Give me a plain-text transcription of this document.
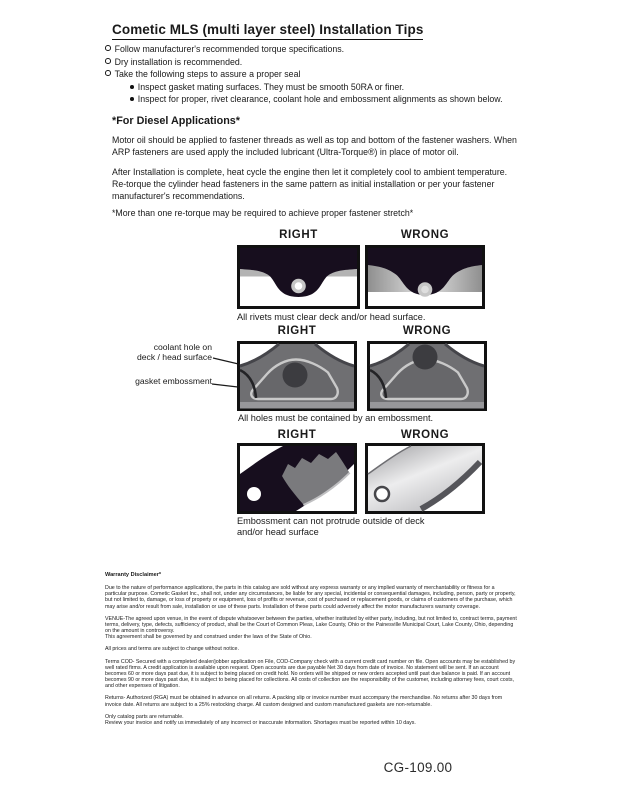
Cometic MLS (multi layer steel) Installation Tips
Follow manufacturer's recommended torque specifications.
Dry installation is recommended.
Take the following steps to assure a proper seal
Inspect gasket mating surfaces. They must be smooth 50RA or finer.
Inspect for proper, rivet clearance, coolant hole and embossment alignments as shown below.
*For Diesel Applications*
Motor oil should be applied to fastener threads as well as top and bottom of the fastener washers. When ARP fasteners are used apply the included lubricant (Ultra-Torque®) in place of motor oil.
After Installation is complete, heat cycle the engine then let it completely cool to ambient temperature. Re-torque the cylinder head fasteners in the same pattern as initial installation or per your fastener manufacturer's recommendations.
*More than one re-torque may be required to achieve proper fastener stretch*
RIGHT	WRONG
All rivets must clear deck and/or head surface.
RIGHT	WRONG
coolant hole on
deck / head surface
gasket embossment
All holes must be contained by an embossment.
RIGHT	WRONG
Embossment can not protrude outside of deck
and/or head surface

Warranty Disclaimer*

Due to the nature of performance applications, the parts in this catalog are sold without any express warranty or any implied warranty of merchantability or fitness for a particular purpose. Cometic Gasket Inc., shall not, under any circumstances, be liable for any special, incidental or consequential damages, including, person, party or property, but not limited to, damage, or loss of property or equipment, loss of profits or revenue, cost of purchased or replacement goods, or claims of customers of the purchase, which may arise and/or result from sale, installation or use of these parts. Installation of these parts could adversely affect the motor manufacturers warranty coverage.

VENUE-The agreed upon venue, in the event of dispute whatsoever between the parties, whether instituted by either party, including, but not limited to, contract terms, payment terms, delivery, type, defects, sufficiency of product, shall be the Court of Common Pleas, Lake County, Ohio or the Painesville Municipal Court, Lake County, Ohio, depending on the amount in controversy.
This agreement shall be governed by and construed under the laws of the State of Ohio.

All prices and terms are subject to change without notice.

Terms COD- Secured with a completed dealer/jobber application on File, COD-Company check with a current credit card number on file. Open accounts may be established by well rated firms. A credit application is available upon request. Open accounts are due payable Net 30 days from date of invoice. No statement will be sent. If an account becomes 60 or more days past due, it is subject to being placed on credit hold. No orders will be shipped or new orders accepted until past due balance is paid. If an account becomes 90 or more days past due, it is subject to being placed for collections. All costs of collection are the responsibility of the customer, including attorney fees, court costs, and other expenses of litigation.

Returns- Authorized (RGA) must be obtained in advance on all returns. A packing slip or invoice number must accompany the merchandise. No returns after 30 days from invoice date. All returns are subject to a 25% restocking charge. All custom designed and custom manufactured gaskets are non-returnable.

Only catalog parts are returnable.
Review your invoice and notify us immediately of any incorrect or inaccurate information. Shortages must be reported within 10 days.

CG-109.00
